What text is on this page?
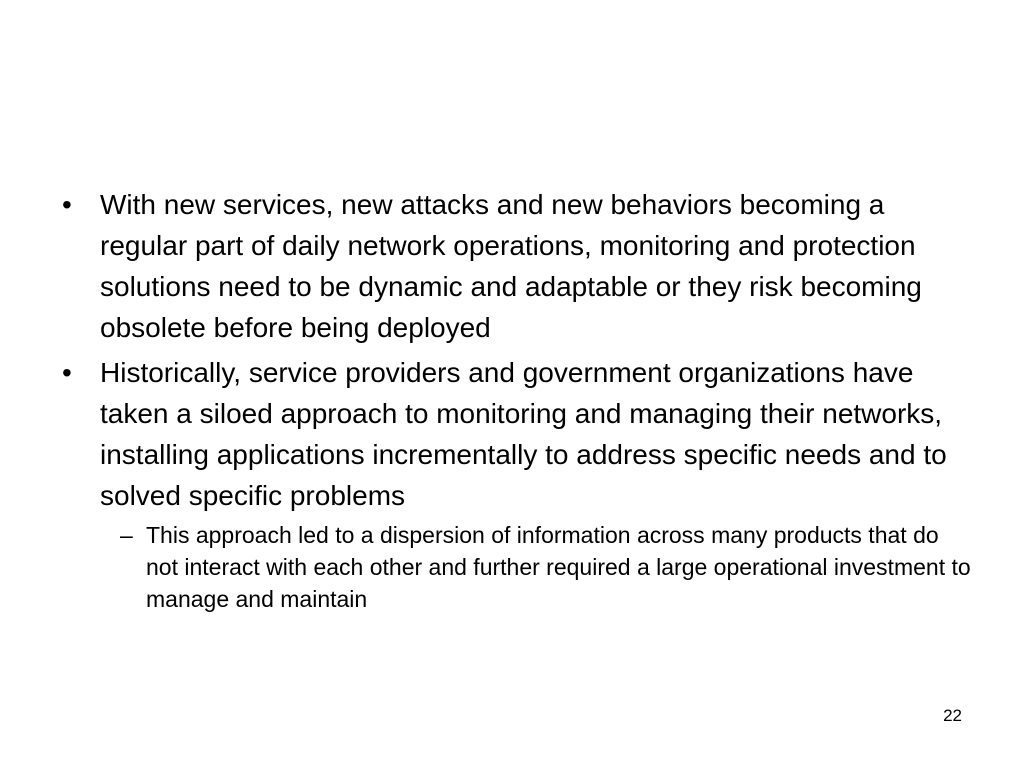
• With new services, new attacks and new behaviors becoming a regular part of daily network operations, monitoring and protection solutions need to be dynamic and adaptable or they risk becoming obsolete before being deployed
• Historically, service providers and government organizations have taken a siloed approach to monitoring and managing their networks, installing applications incrementally to address specific needs and to solved specific problems
– This approach led to a dispersion of information across many products that do not interact with each other and further required a large operational investment to manage and maintain
22
